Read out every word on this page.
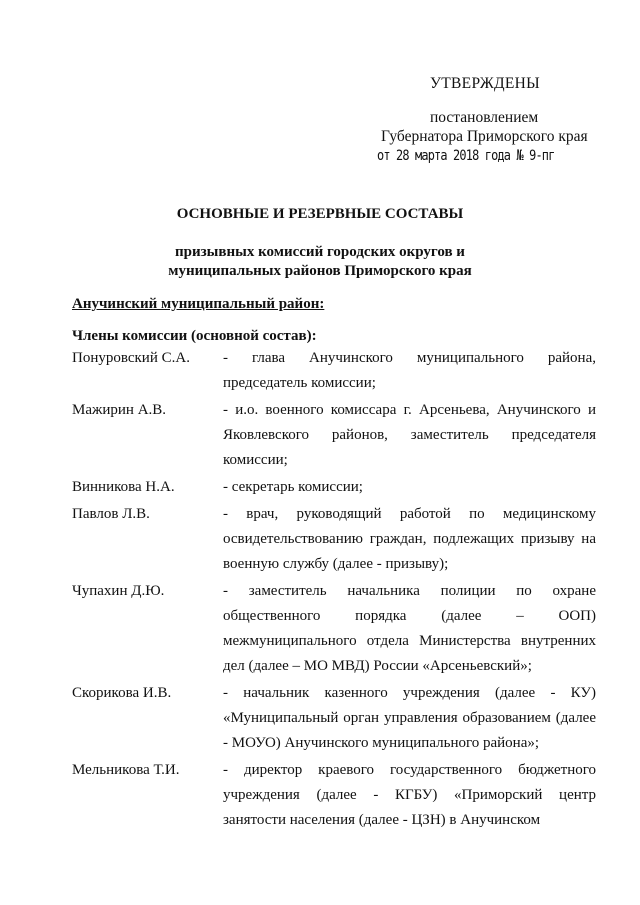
УТВЕРЖДЕНЫ
постановлением
Губернатора Приморского края
от 28 марта 2018 года № 9-пг
ОСНОВНЫЕ И РЕЗЕРВНЫЕ СОСТАВЫ
призывных комиссий городских округов и
муниципальных районов Приморского края
Анучинский муниципальный район:
Члены комиссии (основной состав):
Понуровский С.А.	- глава Анучинского муниципального района, председатель комиссии;
Мажирин А.В.	- и.о. военного комиссара г. Арсеньева, Анучинского и Яковлевского районов, заместитель председателя комиссии;
Винникова Н.А.	- секретарь комиссии;
Павлов Л.В.	- врач, руководящий работой по медицинскому освидетельствованию граждан, подлежащих призыву на военную службу (далее - призыву);
Чупахин Д.Ю.	- заместитель начальника полиции по охране общественного порядка (далее – ООП) межмуниципального отдела Министерства внутренних дел (далее – МО МВД) России «Арсеньевский»;
Скорикова И.В.	- начальник казенного учреждения (далее - КУ) «Муниципальный орган управления образованием (далее - МОУО) Анучинского муниципального района»;
Мельникова Т.И.	- директор краевого государственного бюджетного учреждения (далее - КГБУ) «Приморский центр занятости населения (далее - ЦЗН) в Анучинском
